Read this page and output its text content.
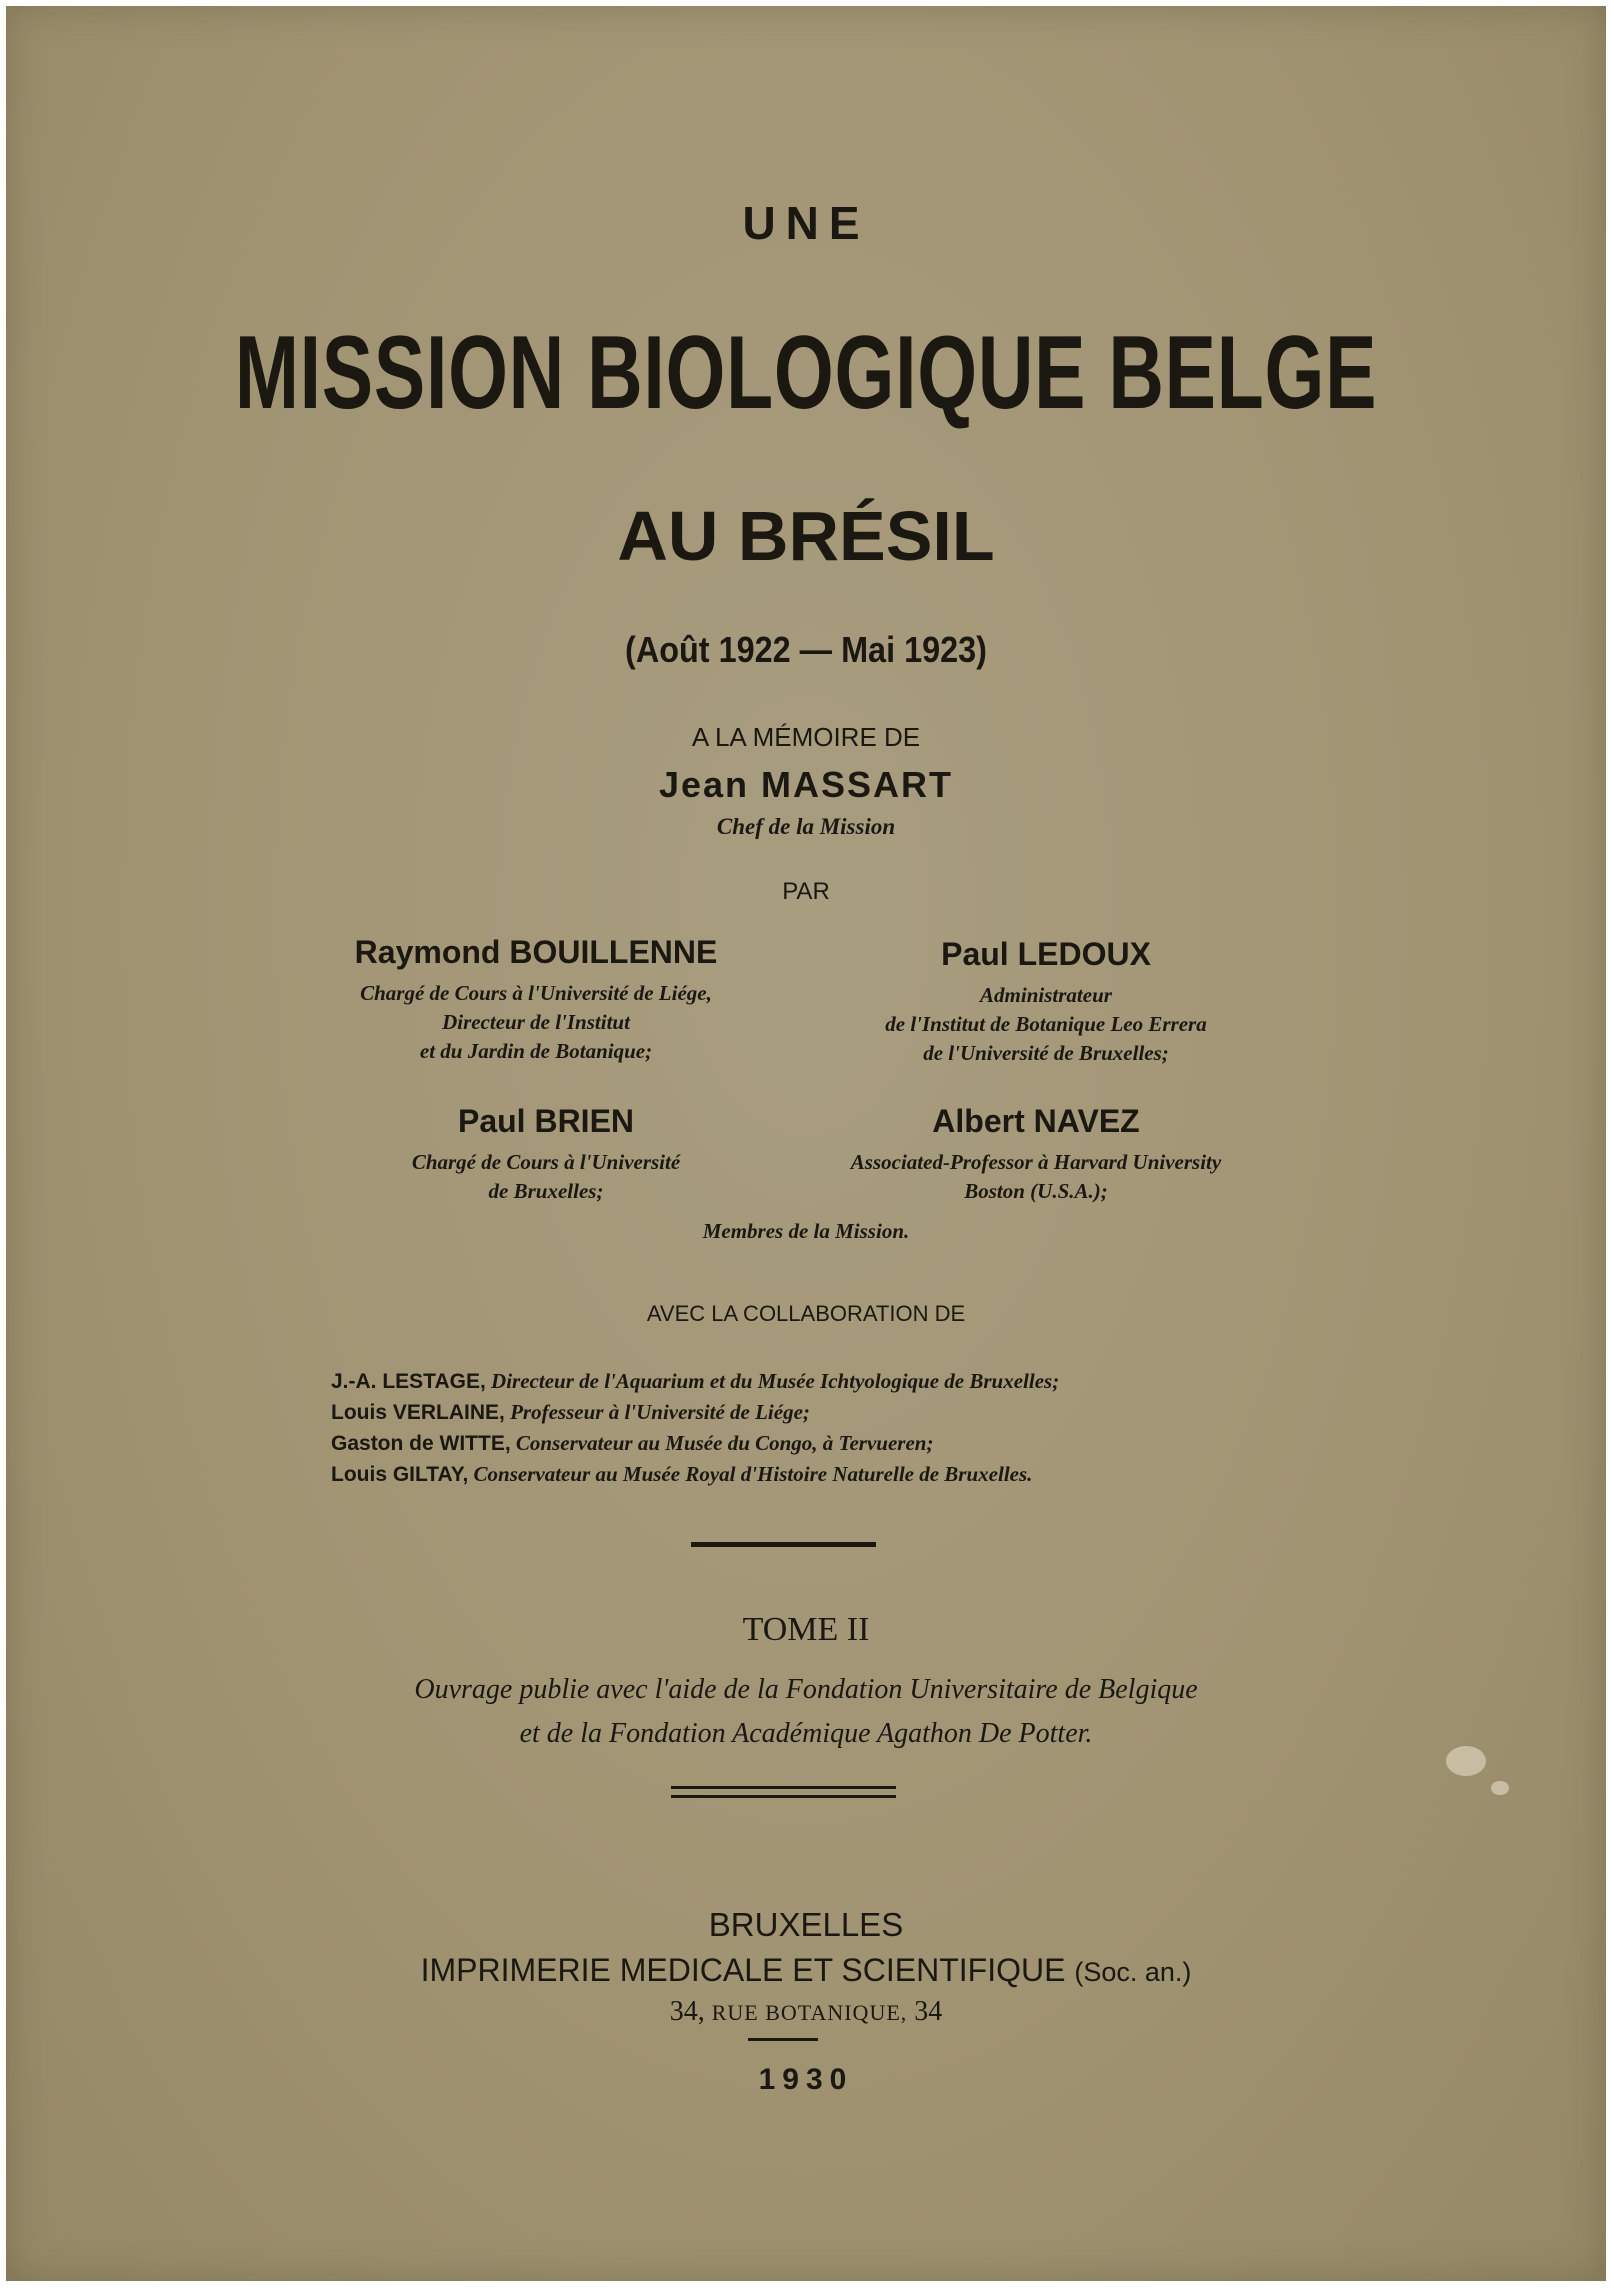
UNE
MISSION BIOLOGIQUE BELGE
AU BRÉSIL
(Août 1922 — Mai 1923)
A LA MÉMOIRE DE
Jean MASSART
Chef de la Mission
PAR
Raymond BOUILLENNE
Chargé de Cours à l'Université de Liége,
Directeur de l'Institut
et du Jardin de Botanique;
Paul LEDOUX
Administrateur
de l'Institut de Botanique Leo Errera
de l'Université de Bruxelles;
Paul BRIEN
Chargé de Cours à l'Université
de Bruxelles;
Albert NAVEZ
Associated-Professor à Harvard University
Boston (U.S.A.);
Membres de la Mission.
AVEC LA COLLABORATION DE
J.-A. LESTAGE, Directeur de l'Aquarium et du Musée Ichtyologique de Bruxelles;
Louis VERLAINE, Professeur à l'Université de Liége;
Gaston de WITTE, Conservateur au Musée du Congo, à Tervueren;
Louis GILTAY, Conservateur au Musée Royal d'Histoire Naturelle de Bruxelles.
TOME II
Ouvrage publie avec l'aide de la Fondation Universitaire de Belgique
et de la Fondation Académique Agathon De Potter.
BRUXELLES
IMPRIMERIE MEDICALE ET SCIENTIFIQUE (Soc. an.)
34, RUE BOTANIQUE, 34
1930
